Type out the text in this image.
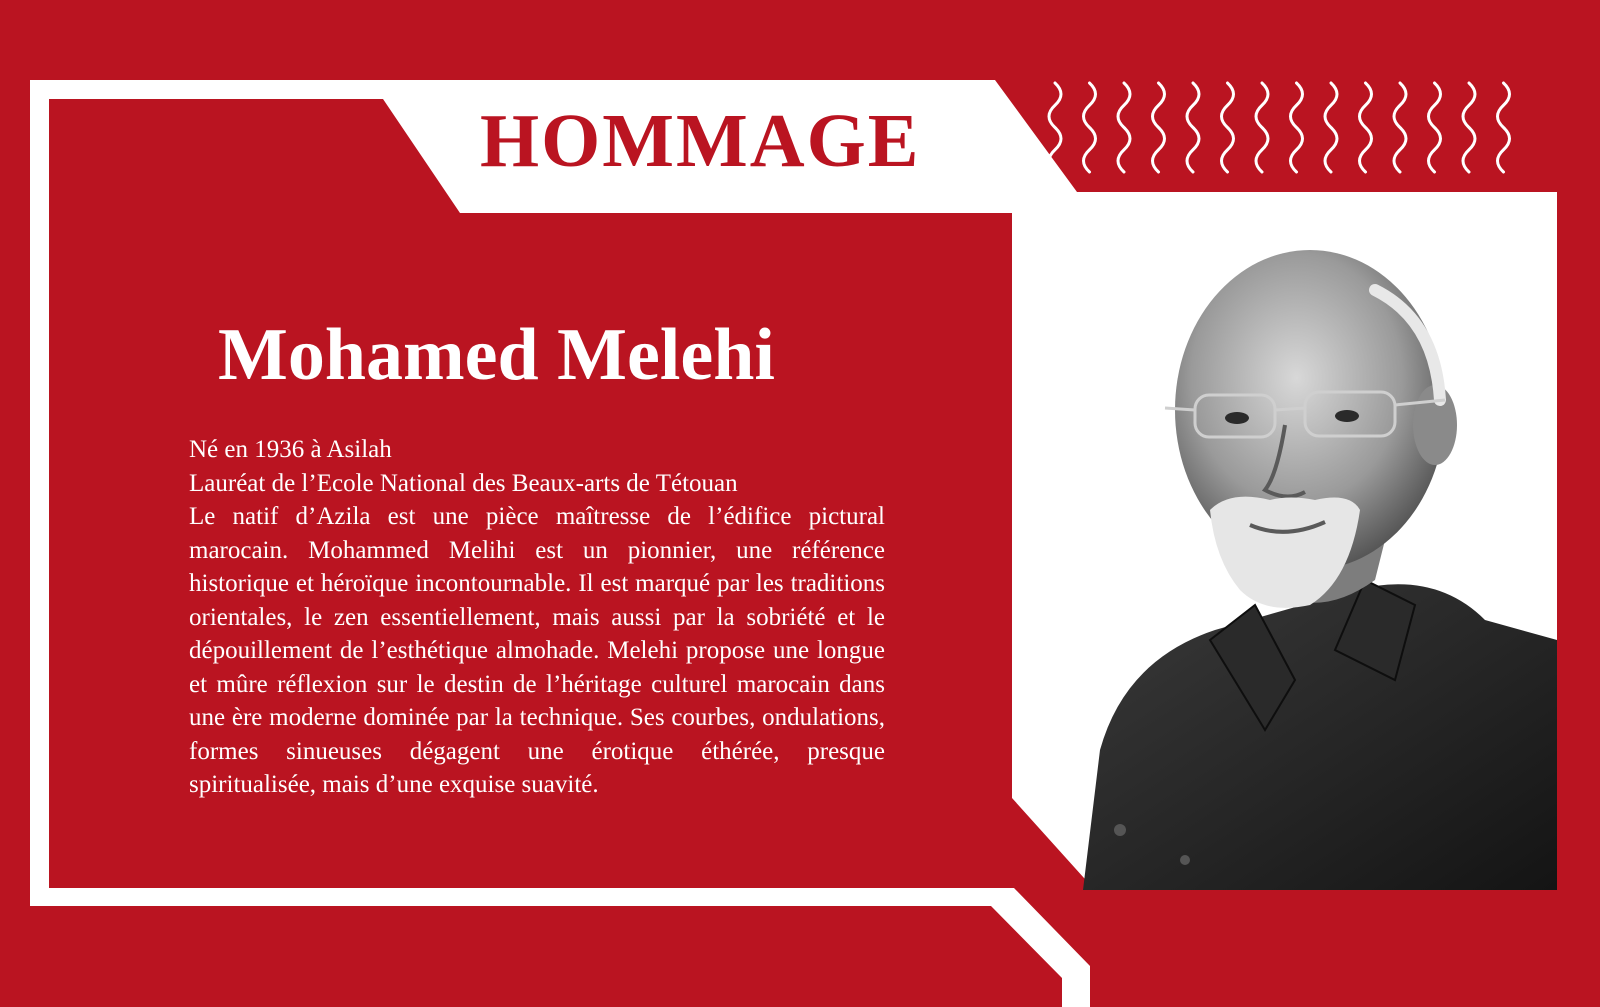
HOMMAGE
Mohamed Melehi

Né en 1936 à Asilah

Lauréat de l’Ecole National des Beaux-arts de Tétouan

Le natif d’Azila est une pièce maîtresse de l’édifice pictural marocain. Mohammed Melihi est un pionnier, une référence historique et héroïque incontournable. Il est marqué par les traditions orientales, le zen essentiellement, mais aussi par la sobriété et le dépouillement de l’esthétique almohade. Melehi propose une longue et mûre réflexion sur le destin de l’héritage culturel marocain dans une ère moderne dominée par la technique. Ses courbes, ondulations, formes sinueuses dégagent une érotique éthérée, presque spiritualisée, mais d’une exquise suavité.
